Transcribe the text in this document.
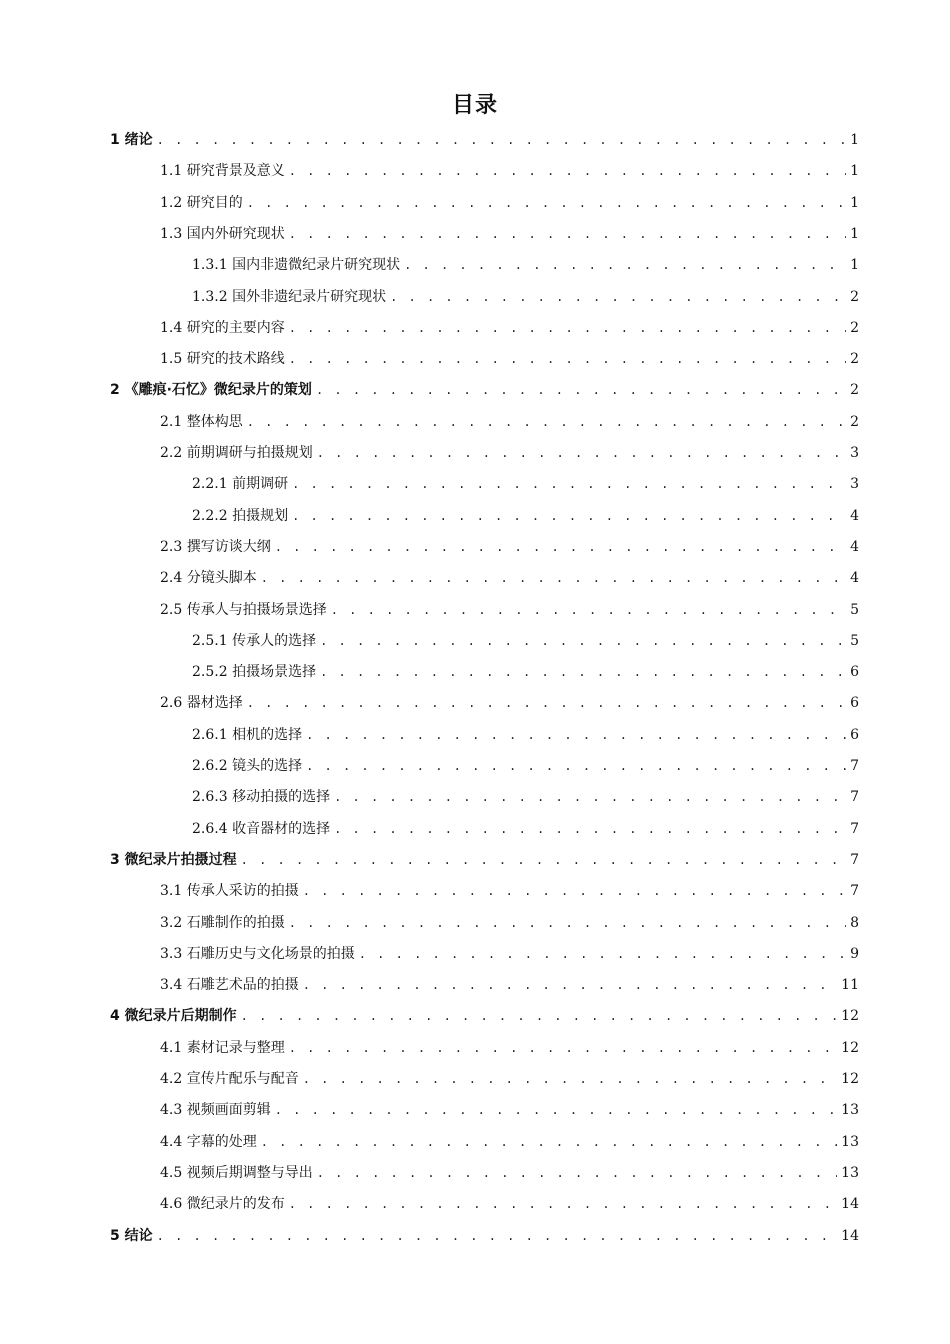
目录
1 绪论 . . .	1
1.1 研究背景及意义 . . .	1
1.2 研究目的 . . .	1
1.3 国内外研究现状 . . .	1
1.3.1 国内非遗微纪录片研究现状 . . .	1
1.3.2 国外非遗纪录片研究现状 . . .	2
1.4 研究的主要内容 . . .	2
1.5 研究的技术路线 . . .	2
2 《雕痕·石忆》微纪录片的策划 . . .	2
2.1 整体构思 . . .	2
2.2 前期调研与拍摄规划 . . .	3
2.2.1 前期调研 . . .	3
2.2.2 拍摄规划 . . .	4
2.3 撰写访谈大纲 . . .	4
2.4 分镜头脚本 . . .	4
2.5 传承人与拍摄场景选择 . . .	5
2.5.1 传承人的选择 . . .	5
2.5.2 拍摄场景选择 . . .	6
2.6 器材选择 . . .	6
2.6.1 相机的选择 . . .	6
2.6.2 镜头的选择 . . .	7
2.6.3 移动拍摄的选择 . . .	7
2.6.4 收音器材的选择 . . .	7
3 微纪录片拍摄过程 . . .	7
3.1 传承人采访的拍摄 . . .	7
3.2 石雕制作的拍摄 . . .	8
3.3 石雕历史与文化场景的拍摄 . . .	9
3.4 石雕艺术品的拍摄 . . .	11
4 微纪录片后期制作 . . .	12
4.1 素材记录与整理 . . .	12
4.2 宣传片配乐与配音 . . .	12
4.3 视频画面剪辑 . . .	13
4.4 字幕的处理 . . .	13
4.5 视频后期调整与导出 . . .	13
4.6 微纪录片的发布 . . .	14
5 结论 . . .	14
